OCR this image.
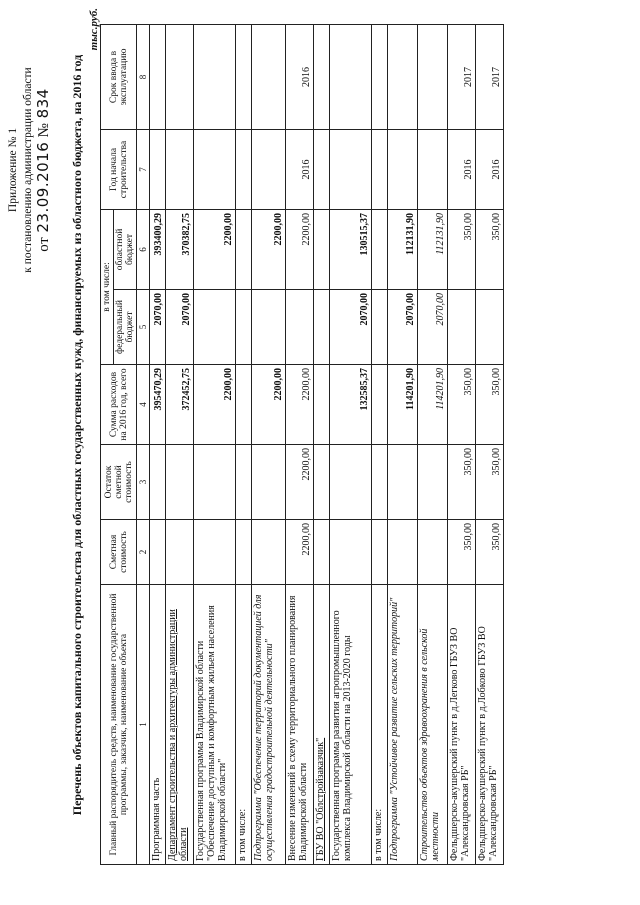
Приложение № 1 к постановлению администрации области от 23.09.2016 № 834 Перечень объектов капитального строительства для областных государственных нужд, финансируемых из областного бюджета, на 2016 год
тыс.руб.
Главный распорядитель средств, наименование государственной программы, заказчик, наименование объекта	Сметная стоимость	Остаток сметной стоимость	Сумма расходов на 2016 год, всего	в том числе:		Год начала строительства	Срок ввода в эксплуатацию
				федеральный бюджет	областной бюджет		
1	2	3	4	5	6	7	8
Программная часть			395470,29	2070,00	393400,29		
Департамент строительства и архитектуры администрации области			372452,75	2070,00	370382,75		
Государственная программа Владимирской области "Обеспечение доступным и комфортным жильем населения Владимирской области"			2200,00		2200,00		
в том числе:							
Подпрограмма "Обеспечение территорий документацией для осуществления градостроительной деятельности"			2200,00		2200,00		
Внесение изменений в схему территориального планирования Владимирской области	2200,00	2200,00	2200,00		2200,00	2016	2016
ГБУ ВО "Облстройзаказчик"							
Государственная программа развития агропромышленного комплекса Владимирской области на 2013-2020 годы			132585,37	2070,00	130515,37		
в том числе:							
Подпрограмма "Устойчивое развитие сельских территорий"			114201,90	2070,00	112131,90		
Строительство объектов здравоохранения в сельской местности			114201,90	2070,00	112131,90		
Фельдшерско-акушерский пункт в д.Легково ГБУЗ ВО "Александровская РБ"	350,00	350,00	350,00		350,00	2016	2017
Фельдшерско-акушерский пункт в д.Лобково ГБУЗ ВО "Александровская РБ"	350,00	350,00	350,00		350,00	2016	2017
